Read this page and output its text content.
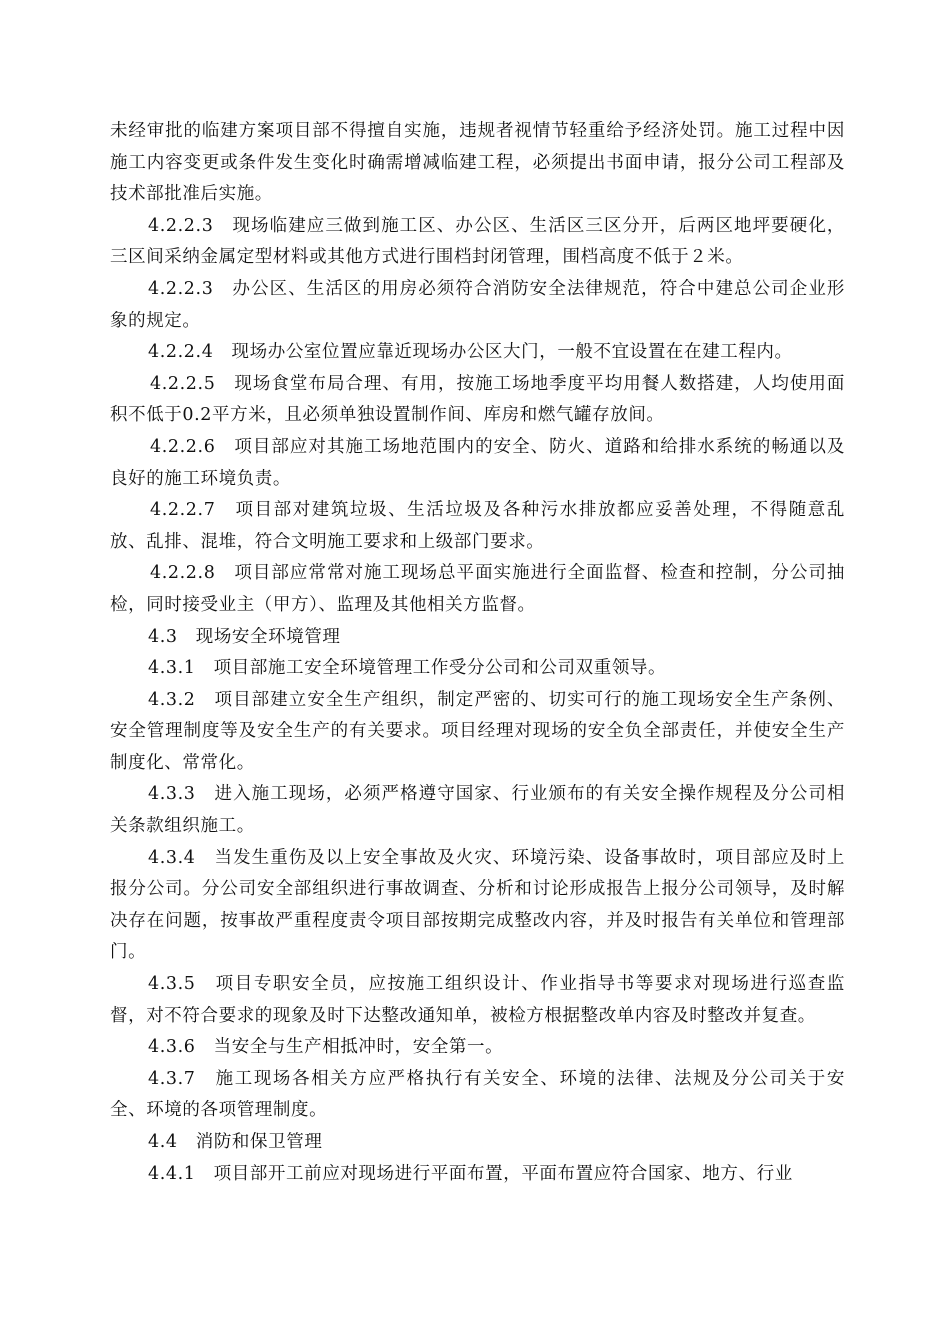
未经审批的临建方案项目部不得擅自实施，违规者视情节轻重给予经济处罚。施工过程中因施工内容变更或条件发生变化时确需增减临建工程，必须提出书面申请，报分公司工程部及技术部批准后实施。

4.2.2.3　现场临建应三做到施工区、办公区、生活区三区分开，后两区地坪要硬化，三区间采纳金属定型材料或其他方式进行围档封闭管理，围档高度不低于２米。

4.2.2.3　办公区、生活区的用房必须符合消防安全法律规范，符合中建总公司企业形象的规定。

4.2.2.4　现场办公室位置应靠近现场办公区大门，一般不宜设置在在建工程内。

4.2.2.5　现场食堂布局合理、有用，按施工场地季度平均用餐人数搭建，人均使用面积不低于0.2平方米，且必须单独设置制作间、库房和燃气罐存放间。

4.2.2.6　项目部应对其施工场地范围内的安全、防火、道路和给排水系统的畅通以及良好的施工环境负责。

4.2.2.7　项目部对建筑垃圾、生活垃圾及各种污水排放都应妥善处理，不得随意乱放、乱排、混堆，符合文明施工要求和上级部门要求。

4.2.2.8　项目部应常常对施工现场总平面实施进行全面监督、检查和控制，分公司抽检，同时接受业主（甲方）、监理及其他相关方监督。

4.3　现场安全环境管理

4.3.1　项目部施工安全环境管理工作受分公司和公司双重领导。

4.3.2　项目部建立安全生产组织，制定严密的、切实可行的施工现场安全生产条例、安全管理制度等及安全生产的有关要求。项目经理对现场的安全负全部责任，并使安全生产制度化、常常化。

4.3.3　进入施工现场，必须严格遵守国家、行业颁布的有关安全操作规程及分公司相关条款组织施工。

4.3.4　当发生重伤及以上安全事故及火灾、环境污染、设备事故时，项目部应及时上报分公司。分公司安全部组织进行事故调查、分析和讨论形成报告上报分公司领导，及时解决存在问题，按事故严重程度责令项目部按期完成整改内容，并及时报告有关单位和管理部门。

4.3.5　项目专职安全员，应按施工组织设计、作业指导书等要求对现场进行巡查监督，对不符合要求的现象及时下达整改通知单，被检方根据整改单内容及时整改并复查。

4.3.6　当安全与生产相抵冲时，安全第一。

4.3.7　施工现场各相关方应严格执行有关安全、环境的法律、法规及分公司关于安全、环境的各项管理制度。

4.4　消防和保卫管理

4.4.1　项目部开工前应对现场进行平面布置，平面布置应符合国家、地方、行业
